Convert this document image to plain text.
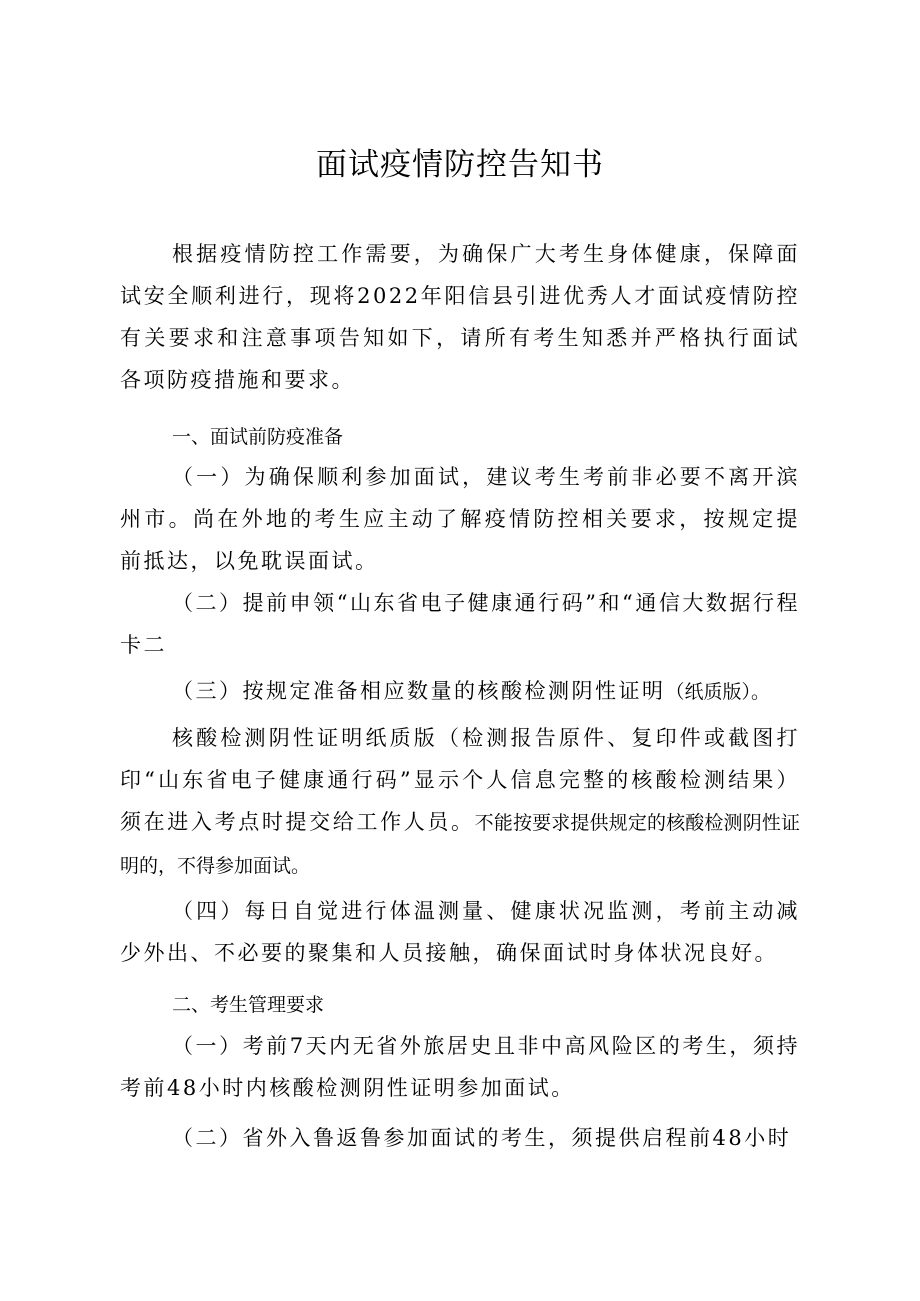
面试疫情防控告知书

根据疫情防控工作需要，为确保广大考生身体健康，保障面试安全顺利进行，现将2022年阳信县引进优秀人才面试疫情防控有关要求和注意事项告知如下，请所有考生知悉并严格执行面试各项防疫措施和要求。

一、面试前防疫准备

（一）为确保顺利参加面试，建议考生考前非必要不离开滨州市。尚在外地的考生应主动了解疫情防控相关要求，按规定提前抵达，以免耽误面试。

（二）提前申领“山东省电子健康通行码”和“通信大数据行程卡二

（三）按规定准备相应数量的核酸检测阴性证明（纸质版）。

核酸检测阴性证明纸质版（检测报告原件、复印件或截图打印“山东省电子健康通行码”显示个人信息完整的核酸检测结果）须在进入考点时提交给工作人员。不能按要求提供规定的核酸检测阴性证明的，不得参加面试。

（四）每日自觉进行体温测量、健康状况监测，考前主动减少外出、不必要的聚集和人员接触，确保面试时身体状况良好。

二、考生管理要求

（一）考前7天内无省外旅居史且非中高风险区的考生，须持考前48小时内核酸检测阴性证明参加面试。

（二）省外入鲁返鲁参加面试的考生，须提供启程前48小时
